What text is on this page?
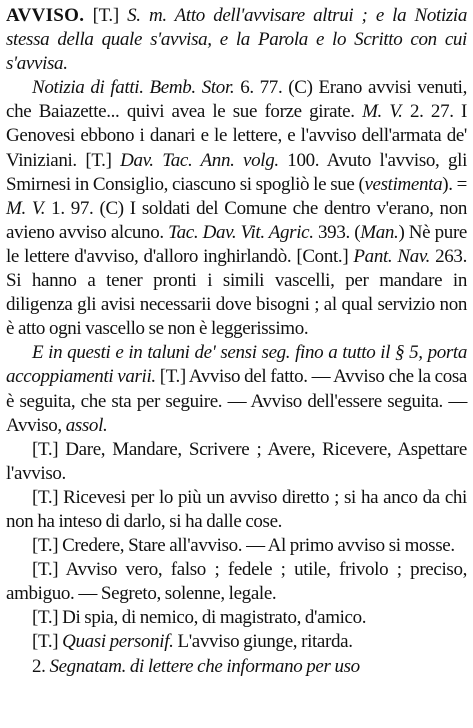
AVVISO. [T.] S. m. Atto dell'avvisare altrui ; e la Notizia stessa della quale s'avvisa, e la Parola e lo Scritto con cui s'avvisa.

Notizia di fatti. Bemb. Stor. 6. 77. (C) Erano avvisi venuti, che Baiazette... quivi avea le sue forze girate. M. V. 2. 27. I Genovesi ebbono i danari e le lettere, e l'avviso dell'armata de' Viniziani. [T.] Dav. Tac. Ann. volg. 100. Avuto l'avviso, gli Smirnesi in Consiglio, ciascuno si spogliò le sue (vestimenta). = M. V. 1. 97. (C) I soldati del Comune che dentro v'erano, non avieno avviso alcuno. Tac. Dav. Vit. Agric. 393. (Man.) Nè pure le lettere d'avviso, d'alloro inghirlandò. [Cont.] Pant. Nav. 263. Si hanno a tener pronti i simili vascelli, per mandare in diligenza gli avisi necessarii dove bisogni ; al qual servizio non è atto ogni vascello se non è leggerissimo.

E in questi e in taluni de' sensi seg. fino a tutto il § 5, porta accoppiamenti varii. [T.] Avviso del fatto. — Avviso che la cosa è seguita, che sta per seguire. — Avviso dell'essere seguita. — Avviso, assol.

[T.] Dare, Mandare, Scrivere ; Avere, Ricevere, Aspettare l'avviso.

[T.] Ricevesi per lo più un avviso diretto ; si ha anco da chi non ha inteso di darlo, si ha dalle cose.

[T.] Credere, Stare all'avviso. — Al primo avviso si mosse.

[T.] Avviso vero, falso ; fedele ; utile, frivolo ; preciso, ambiguo. — Segreto, solenne, legale.

[T.] Di spia, di nemico, di magistrato, d'amico.

[T.] Quasi personif. L'avviso giunge, ritarda.

2. Segnatam. di lettere che informano per uso
